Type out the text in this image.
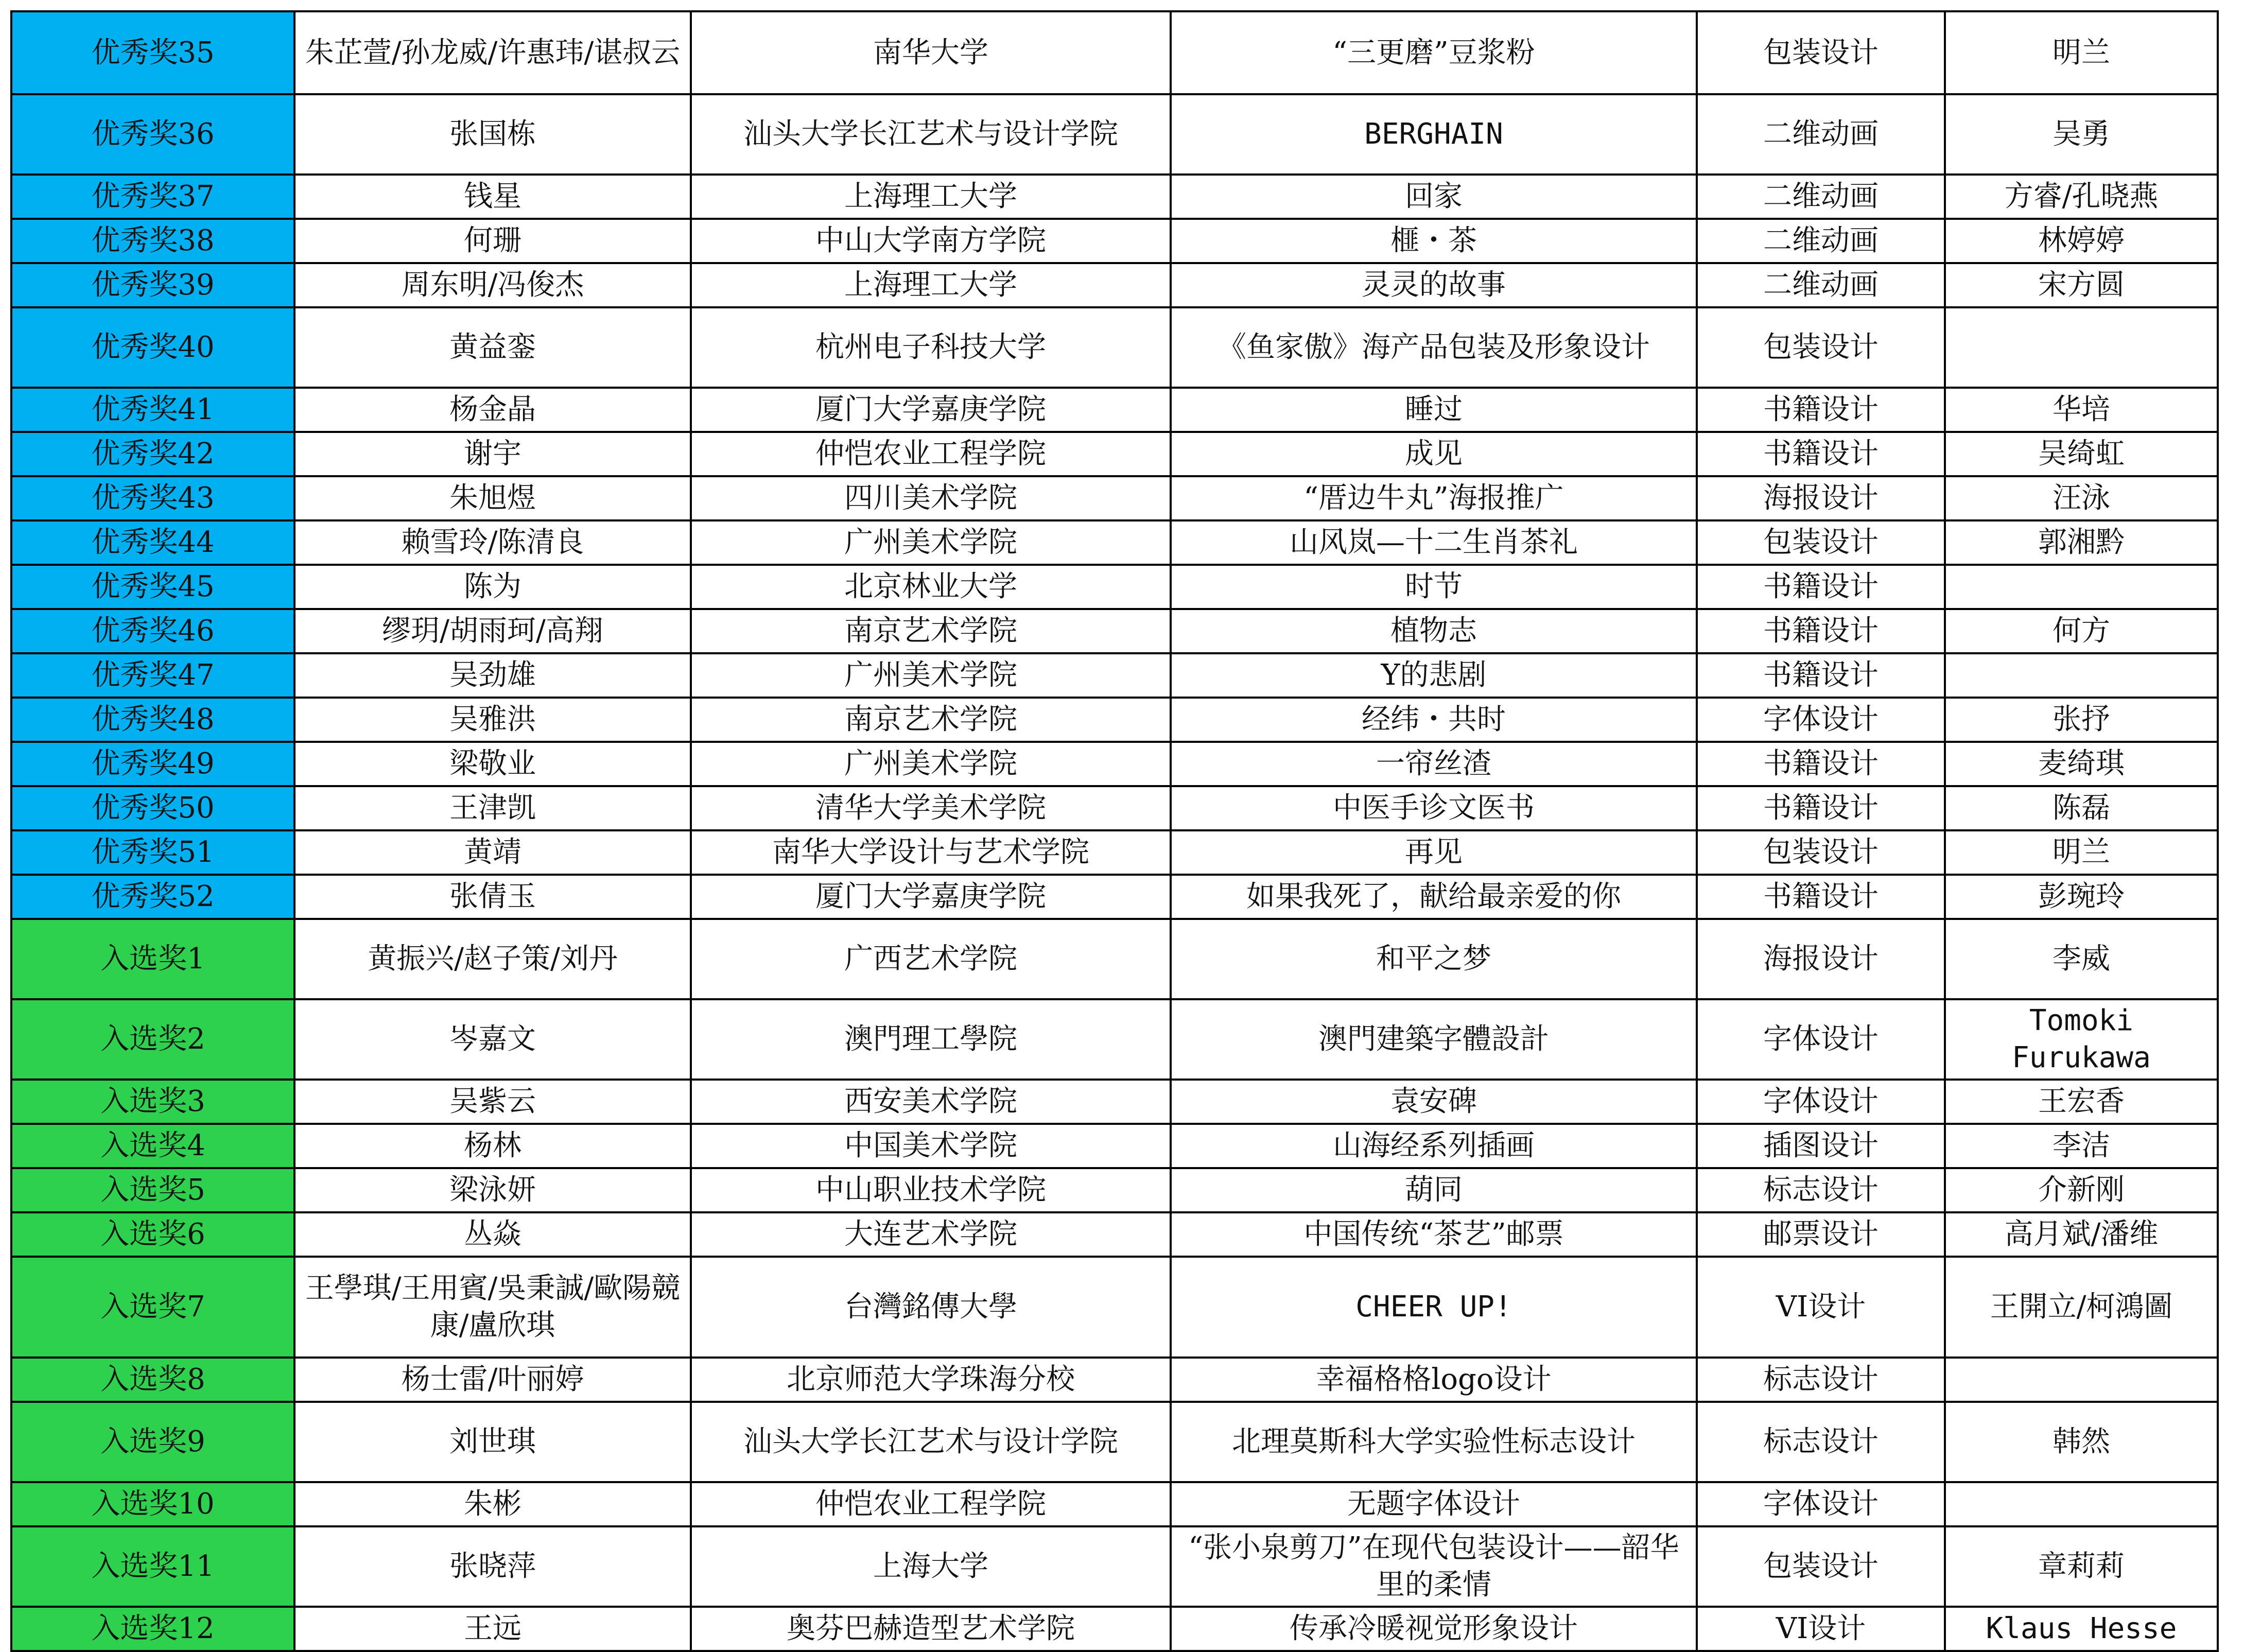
优秀奖35	朱芷萱/孙龙威/许惠玮/谌叔云	南华大学	“三更磨”豆浆粉	包装设计	明兰
优秀奖36	张国栋	汕头大学长江艺术与设计学院	BERGHAIN	二维动画	吴勇
优秀奖37	钱星	上海理工大学	回家	二维动画	方睿/孔晓燕
优秀奖38	何珊	中山大学南方学院	榧・茶	二维动画	林婷婷
优秀奖39	周东明/冯俊杰	上海理工大学	灵灵的故事	二维动画	宋方圆
优秀奖40	黄益銮	杭州电子科技大学	《鱼家傲》海产品包装及形象设计	包装设计	
优秀奖41	杨金晶	厦门大学嘉庚学院	睡过	书籍设计	华培
优秀奖42	谢宇	仲恺农业工程学院	成见	书籍设计	吴绮虹
优秀奖43	朱旭煜	四川美术学院	“厝边牛丸”海报推广	海报设计	汪泳
优秀奖44	赖雪玲/陈清良	广州美术学院	山风岚—十二生肖茶礼	包装设计	郭湘黔
优秀奖45	陈为	北京林业大学	时节	书籍设计	
优秀奖46	缪玥/胡雨珂/高翔	南京艺术学院	植物志	书籍设计	何方
优秀奖47	吴劲雄	广州美术学院	Y的悲剧	书籍设计	
优秀奖48	吴雅洪	南京艺术学院	经纬・共时	字体设计	张抒
优秀奖49	梁敬业	广州美术学院	一帘丝渣	书籍设计	麦绮琪
优秀奖50	王津凯	清华大学美术学院	中医手诊文医书	书籍设计	陈磊
优秀奖51	黄靖	南华大学设计与艺术学院	再见	包装设计	明兰
优秀奖52	张倩玉	厦门大学嘉庚学院	如果我死了，献给最亲爱的你	书籍设计	彭琬玲
入选奖1	黄振兴/赵子策/刘丹	广西艺术学院	和平之梦	海报设计	李威
入选奖2	岑嘉文	澳門理工學院	澳門建築字體設計	字体设计	Tomoki Furukawa
入选奖3	吴紫云	西安美术学院	袁安碑	字体设计	王宏香
入选奖4	杨林	中国美术学院	山海经系列插画	插图设计	李洁
入选奖5	梁泳妍	中山职业技术学院	葫同	标志设计	介新刚
入选奖6	丛焱	大连艺术学院	中国传统“茶艺”邮票	邮票设计	高月斌/潘维
入选奖7	王學琪/王用賓/吳秉誠/歐陽競康/盧欣琪	台灣銘傳大學	CHEER UP!	VI设计	王開立/柯鴻圖
入选奖8	杨士雷/叶丽婷	北京师范大学珠海分校	幸福格格logo设计	标志设计	
入选奖9	刘世琪	汕头大学长江艺术与设计学院	北理莫斯科大学实验性标志设计	标志设计	韩然
入选奖10	朱彬	仲恺农业工程学院	无题字体设计	字体设计	
入选奖11	张晓萍	上海大学	“张小泉剪刀”在现代包装设计——韶华里的柔情	包装设计	章莉莉
入选奖12	王远	奥芬巴赫造型艺术学院	传承冷暖视觉形象设计	VI设计	Klaus Hesse
